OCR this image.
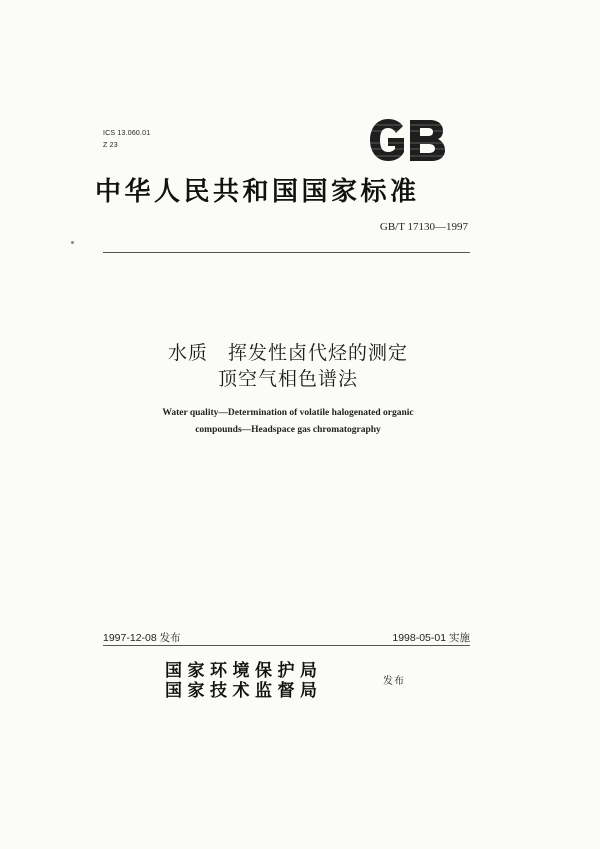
ICS 13.060.01
Z 23
中华人民共和国国家标准
GB/T 17130—1997
水质　挥发性卤代烃的测定
顶空气相色谱法
Water quality—Determination of volatile halogenated organic
compounds—Headspace gas chromatography
1997-12-08 发布	1998-05-01 实施
国家环境保护局
国家技术监督局	发布
